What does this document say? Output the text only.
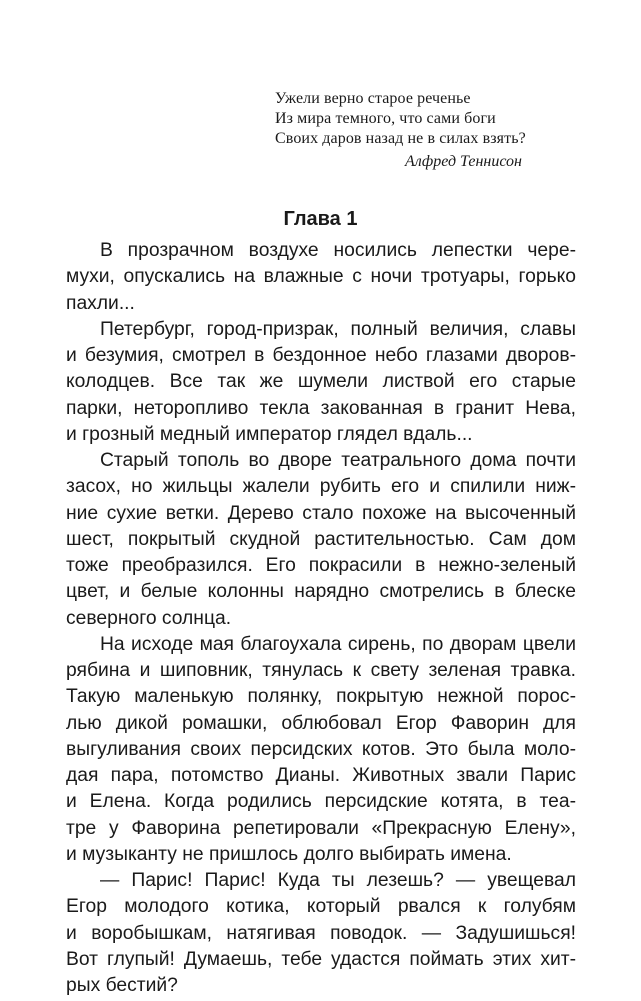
Ужели верно старое реченье
Из мира темного, что сами боги
Своих даров назад не в силах взять?
Алфред Теннисон
Глава 1
В прозрачном воздухе носились лепестки чере-
мухи, опускались на влажные с ночи тротуары, горько
пахли...
Петербург, город-призрак, полный величия, славы
и безумия, смотрел в бездонное небо глазами дворов-
колодцев. Все так же шумели листвой его старые
парки, неторопливо текла закованная в гранит Нева,
и грозный медный император глядел вдаль...
Старый тополь во дворе театрального дома почти
засох, но жильцы жалели рубить его и спилили ниж-
ние сухие ветки. Дерево стало похоже на высоченный
шест, покрытый скудной растительностью. Сам дом
тоже преобразился. Его покрасили в нежно-зеленый
цвет, и белые колонны нарядно смотрелись в блеске
северного солнца.
На исходе мая благоухала сирень, по дворам цвели
рябина и шиповник, тянулась к свету зеленая травка.
Такую маленькую полянку, покрытую нежной порос-
лью дикой ромашки, облюбовал Егор Фаворин для
выгуливания своих персидских котов. Это была моло-
дая пара, потомство Дианы. Животных звали Парис
и Елена. Когда родились персидские котята, в теа-
тре у Фаворина репетировали «Прекрасную Елену»,
и музыканту не пришлось долго выбирать имена.
— Парис! Парис! Куда ты лезешь? — увещевал
Егор молодого котика, который рвался к голубям
и воробышкам, натягивая поводок. — Задушишься!
Вот глупый! Думаешь, тебе удастся поймать этих хит-
рых бестий?
